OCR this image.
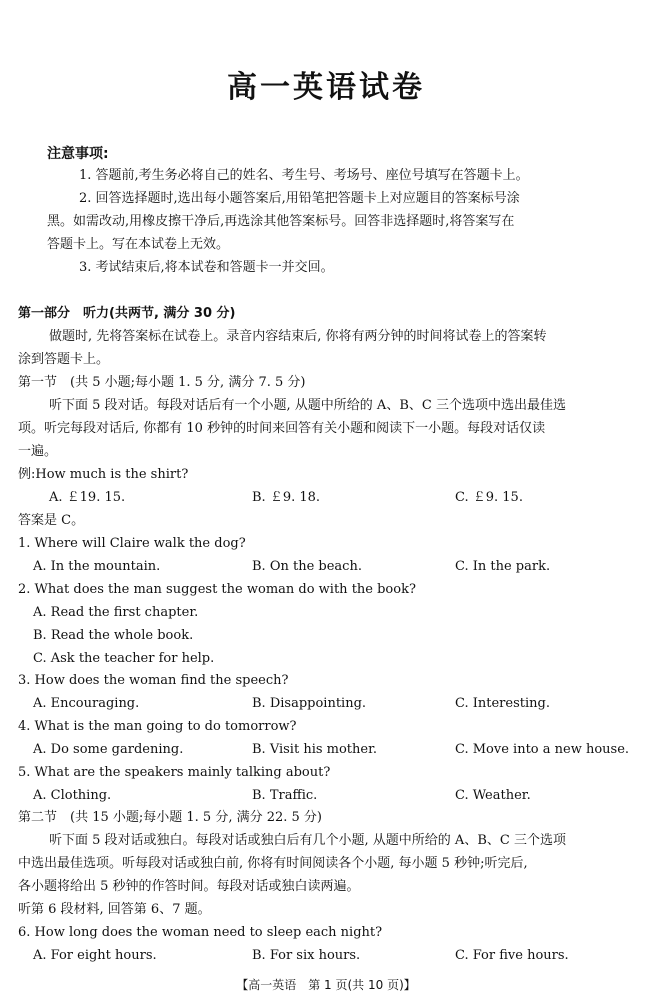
高一英语试卷
注意事项:
1. 答题前,考生务必将自己的姓名、考生号、考场号、座位号填写在答题卡上。
2. 回答选择题时,选出每小题答案后,用铅笔把答题卡上对应题目的答案标号涂
黑。如需改动,用橡皮擦干净后,再选涂其他答案标号。回答非选择题时,将答案写在
答题卡上。写在本试卷上无效。
3. 考试结束后,将本试卷和答题卡一并交回。
第一部分　听力(共两节, 满分 30 分)
做题时, 先将答案标在试卷上。录音内容结束后, 你将有两分钟的时间将试卷上的答案转
涂到答题卡上。
第一节　(共 5 小题;每小题 1. 5 分, 满分 7. 5 分)
听下面 5 段对话。每段对话后有一个小题, 从题中所给的 A、B、C 三个选项中选出最佳选
项。听完每段对话后, 你都有 10 秒钟的时间来回答有关小题和阅读下一小题。每段对话仅读
一遍。
例:How much is the shirt?
A. ￡19. 15.	B. ￡9. 18.	C. ￡9. 15.
答案是 C。
1. Where will Claire walk the dog?
A. In the mountain.	B. On the beach.	C. In the park.
2. What does the man suggest the woman do with the book?
A. Read the first chapter.
B. Read the whole book.
C. Ask the teacher for help.
3. How does the woman find the speech?
A. Encouraging.	B. Disappointing.	C. Interesting.
4. What is the man going to do tomorrow?
A. Do some gardening.	B. Visit his mother.	C. Move into a new house.
5. What are the speakers mainly talking about?
A. Clothing.	B. Traffic.	C. Weather.
第二节　(共 15 小题;每小题 1. 5 分, 满分 22. 5 分)
听下面 5 段对话或独白。每段对话或独白后有几个小题, 从题中所给的 A、B、C 三个选项
中选出最佳选项。听每段对话或独白前, 你将有时间阅读各个小题, 每小题 5 秒钟;听完后,
各小题将给出 5 秒钟的作答时间。每段对话或独白读两遍。
听第 6 段材料, 回答第 6、7 题。
6. How long does the woman need to sleep each night?
A. For eight hours.	B. For six hours.	C. For five hours.
【高一英语　第 1 页(共 10 页)】
